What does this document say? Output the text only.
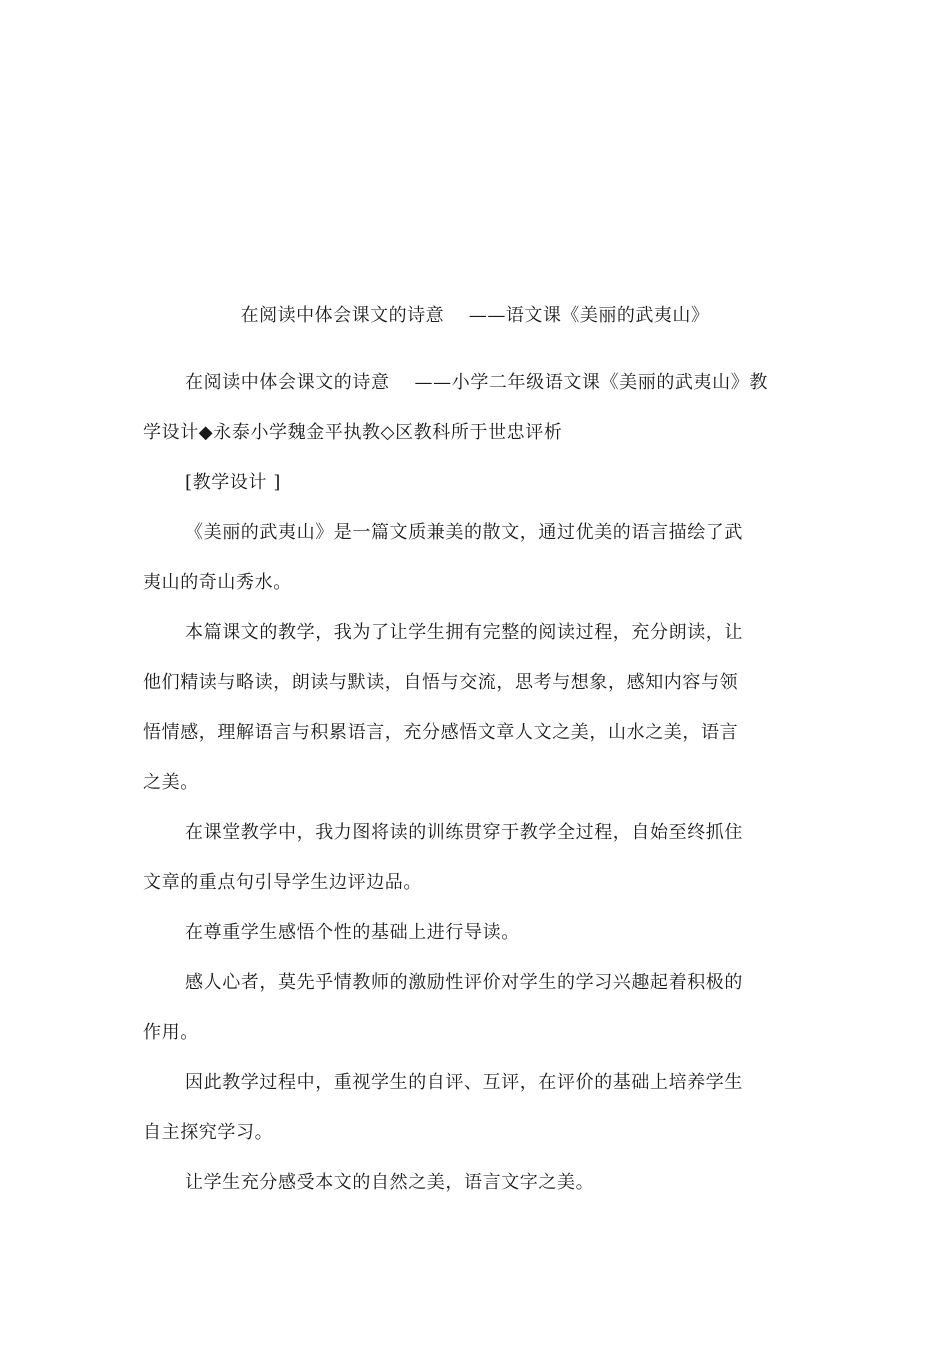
在阅读中体会课文的诗意　 ——语文课《美丽的武夷山》
在阅读中体会课文的诗意　 ——小学二年级语文课《美丽的武夷山》教
学设计◆永泰小学魏金平执教◇区教科所于世忠评析
[教学设计 ]
《美丽的武夷山》是一篇文质兼美的散文，通过优美的语言描绘了武
夷山的奇山秀水。
本篇课文的教学，我为了让学生拥有完整的阅读过程，充分朗读，让
他们精读与略读，朗读与默读，自悟与交流，思考与想象，感知内容与领
悟情感，理解语言与积累语言，充分感悟文章人文之美，山水之美，语言
之美。
在课堂教学中，我力图将读的训练贯穿于教学全过程，自始至终抓住
文章的重点句引导学生边评边品。
在尊重学生感悟个性的基础上进行导读。
感人心者，莫先乎情教师的激励性评价对学生的学习兴趣起着积极的
作用。
因此教学过程中，重视学生的自评、互评，在评价的基础上培养学生
自主探究学习。
让学生充分感受本文的自然之美，语言文字之美。
